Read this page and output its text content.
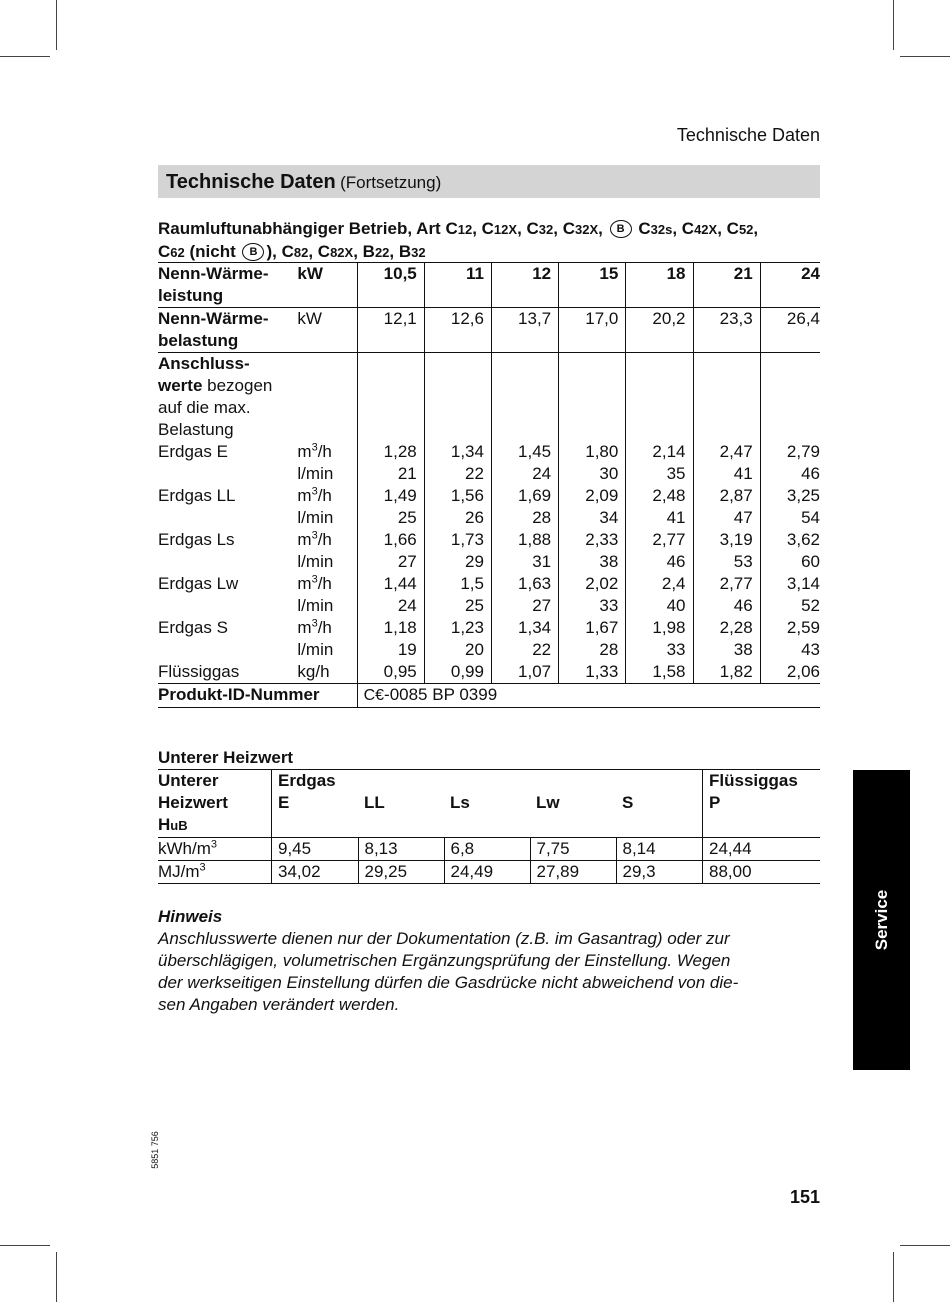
Technische Daten
Technische Daten (Fortsetzung)
Raumluftunabhängiger Betrieb, Art C12, C12X, C32, C32X, B C32s, C42X, C52,
C62 (nicht B ), C82, C82X, B22, B32
Nenn-Wärme-
leistung	kW	10,5	11	12	15	18	21	24
Nenn-Wärme-
belastung	kW	12,1	12,6	13,7	17,0	20,2	23,3	26,4
Anschluss-
werte bezogen
auf die max.
Belastung								
Erdgas E	$m^3/h$	1,28	1,34	1,45	1,80	2,14	2,47	2,79
	l/min	21	22	24	30	35	41	46
Erdgas LL	$m^3/h$	1,49	1,56	1,69	2,09	2,48	2,87	3,25
	l/min	25	26	28	34	41	47	54
Erdgas Ls	$m^3/h$	1,66	1,73	1,88	2,33	2,77	3,19	3,62
	l/min	27	29	31	38	46	53	60
Erdgas Lw	$m^3/h$	1,44	1,5	1,63	2,02	2,4	2,77	3,14
	l/min	24	25	27	33	40	46	52
Erdgas S	$m^3/h$	1,18	1,23	1,34	1,67	1,98	2,28	2,59
	l/min	19	20	22	28	33	38	43
Flüssiggas	kg/h	0,95	0,99	1,07	1,33	1,58	1,82	2,06
Produkt-ID-Nummer		C€-0085 BP 0399						
Unterer Heizwert
Unterer	Erdgas					Flüssiggas
Heizwert
HuB	E	LL	Ls	Lw	S	P
kWh/$m^3$	9,45	8,13	6,8	7,75	8,14	24,44
$MJ/m^3$	34,02	29,25	24,49	27,89	29,3	88,00
Hinweis
Anschlusswerte dienen nur der Dokumentation (z.B. im Gasantrag) oder zur
überschlägigen, volumetrischen Ergänzungsprüfung der Einstellung. Wegen
der werkseitigen Einstellung dürfen die Gasdrücke nicht abweichend von die-
sen Angaben verändert werden.
Service
5851 756
151
